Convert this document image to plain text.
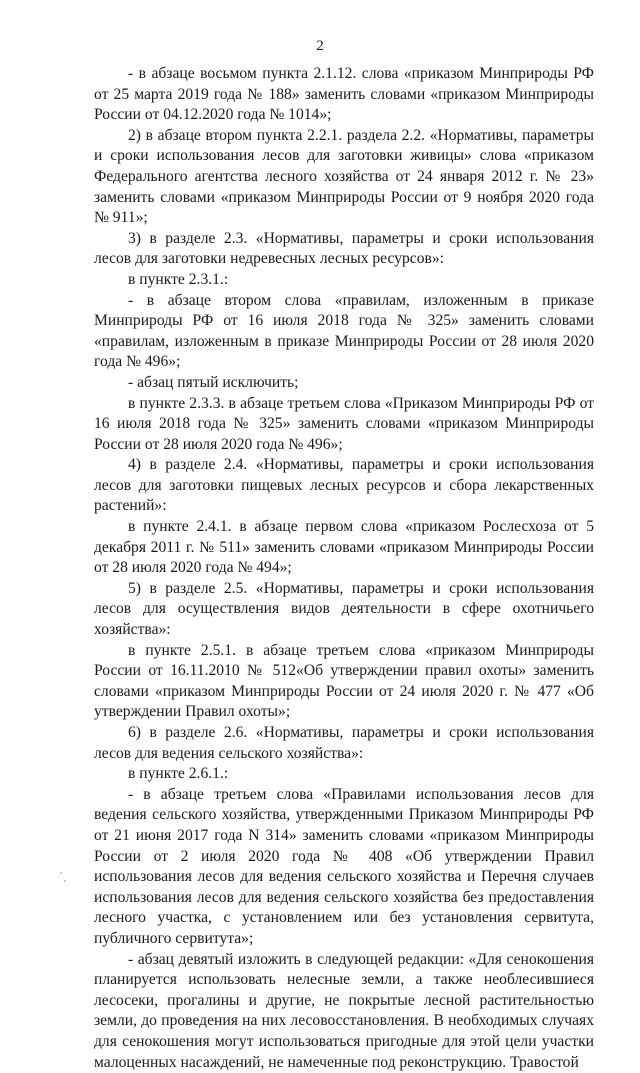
2

- в абзаце восьмом пункта 2.1.12. слова «приказом Минприроды РФ от 25 марта 2019 года № 188» заменить словами «приказом Минприроды России от 04.12.2020 года № 1014»;

2) в абзаце втором пункта 2.2.1. раздела 2.2. «Нормативы, параметры и сроки использования лесов для заготовки живицы» слова «приказом Федерального агентства лесного хозяйства от 24 января 2012 г. № 23» заменить словами «приказом Минприроды России от 9 ноября 2020 года № 911»;

3) в разделе 2.3. «Нормативы, параметры и сроки использования лесов для заготовки недревесных лесных ресурсов»:

в пункте 2.3.1.:

- в абзаце втором слова «правилам, изложенным в приказе Минприроды РФ от 16 июля 2018 года № 325» заменить словами «правилам, изложенным в приказе Минприроды России от 28 июля 2020 года № 496»;

- абзац пятый исключить;

в пункте 2.3.3. в абзаце третьем слова «Приказом Минприроды РФ от 16 июля 2018 года № 325» заменить словами «приказом Минприроды России от 28 июля 2020 года № 496»;

4) в разделе 2.4. «Нормативы, параметры и сроки использования лесов для заготовки пищевых лесных ресурсов и сбора лекарственных растений»:

в пункте 2.4.1. в абзаце первом слова «приказом Рослесхоза от 5 декабря 2011 г. № 511» заменить словами «приказом Минприроды России от 28 июля 2020 года № 494»;

5) в разделе 2.5. «Нормативы, параметры и сроки использования лесов для осуществления видов деятельности в сфере охотничьего хозяйства»:

в пункте 2.5.1. в абзаце третьем слова «приказом Минприроды России от 16.11.2010 № 512«Об утверждении правил охоты» заменить словами «приказом Минприроды России от 24 июля 2020 г. № 477 «Об утверждении Правил охоты»;

6) в разделе 2.6. «Нормативы, параметры и сроки использования лесов для ведения сельского хозяйства»:

в пункте 2.6.1.:

- в абзаце третьем слова «Правилами использования лесов для ведения сельского хозяйства, утвержденными Приказом Минприроды РФ от 21 июня 2017 года N 314» заменить словами «приказом Минприроды России от 2 июля 2020 года № 408 «Об утверждении Правил использования лесов для ведения сельского хозяйства и Перечня случаев использования лесов для ведения сельского хозяйства без предоставления лесного участка, с установлением или без установления сервитута, публичного сервитута»;

- абзац девятый изложить в следующей редакции: «Для сенокошения планируется использовать нелесные земли, а также необлесившиеся лесосеки, прогалины и другие, не покрытые лесной растительностью земли, до проведения на них лесовосстановления. В необходимых случаях для сенокошения могут использоваться пригодные для этой цели участки малоценных насаждений, не намеченные под реконструкцию. Травостой
